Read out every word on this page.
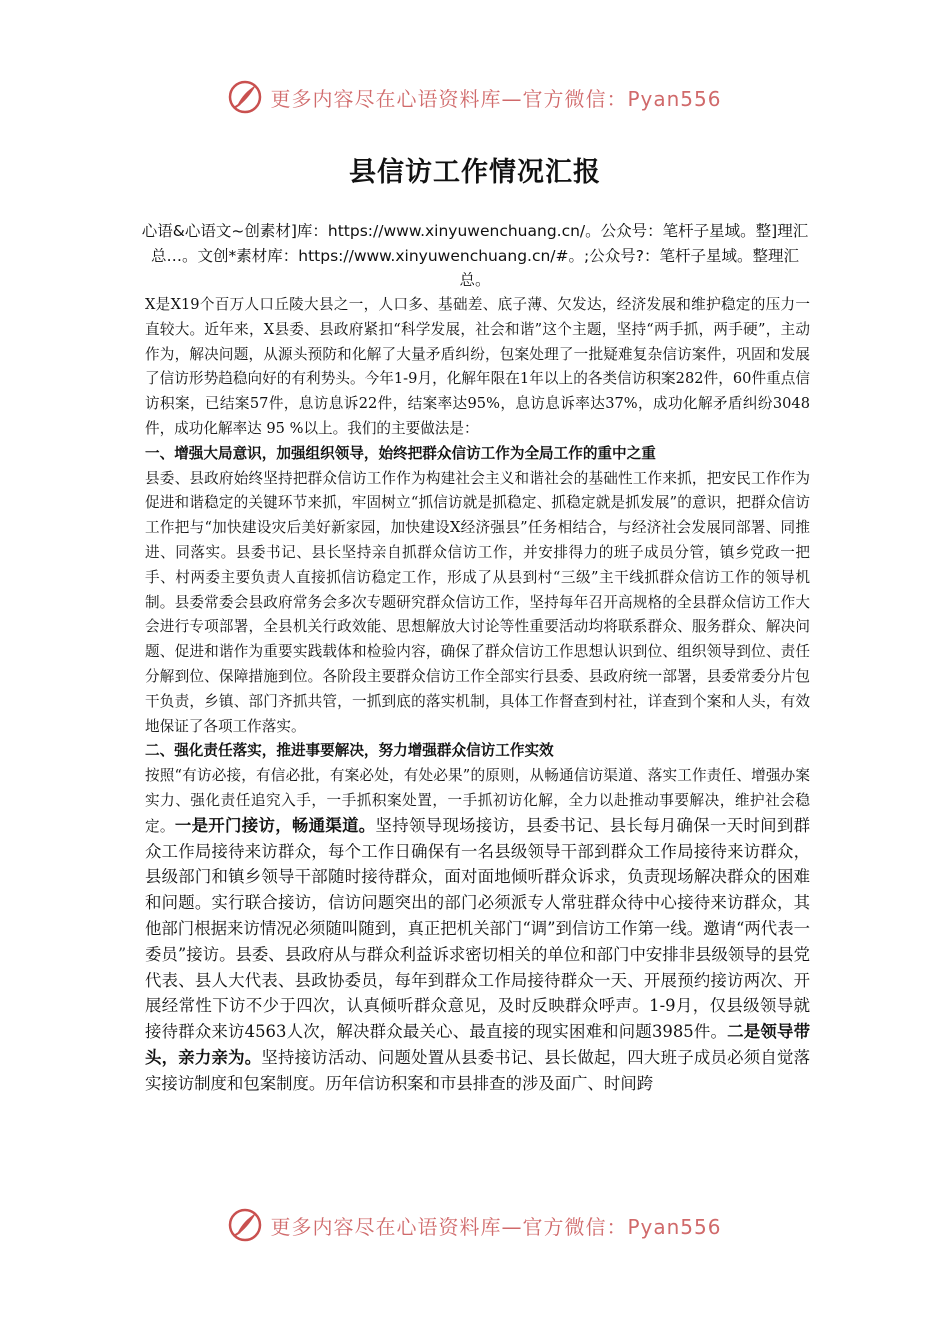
更多内容尽在心语资料库—官方微信：Pyan556
县信访工作情况汇报
心语&心语文~创素材]库：https://www.xinyuwenchuang.cn/。公众号：笔杆子星域。整]理汇总…。文创*素材库：https://www.xinyuwenchuang.cn/#。;公众号?：笔杆子星域。整理汇总。

X是X19个百万人口丘陵大县之一，人口多、基础差、底子薄、欠发达，经济发展和维护稳定的压力一直较大。近年来，X县委、县政府紧扣“科学发展，社会和谐”这个主题，坚持“两手抓，两手硬”，主动作为，解决问题，从源头预防和化解了大量矛盾纠纷，包案处理了一批疑难复杂信访案件，巩固和发展了信访形势趋稳向好的有利势头。今年1-9月，化解年限在1年以上的各类信访积案282件，60件重点信访积案，已结案57件，息访息诉22件，结案率达95%，息访息诉率达37%，成功化解矛盾纠纷3048件，成功化解率达 95 %以上。我们的主要做法是：

一、增强大局意识，加强组织领导，始终把群众信访工作为全局工作的重中之重

县委、县政府始终坚持把群众信访工作作为构建社会主义和谐社会的基础性工作来抓，把安民工作作为促进和谐稳定的关键环节来抓，牢固树立“抓信访就是抓稳定、抓稳定就是抓发展”的意识，把群众信访工作把与“加快建设灾后美好新家园，加快建设X经济强县”任务相结合，与经济社会发展同部署、同推进、同落实。县委书记、县长坚持亲自抓群众信访工作，并安排得力的班子成员分管，镇乡党政一把手、村两委主要负责人直接抓信访稳定工作，形成了从县到村“三级”主干线抓群众信访工作的领导机制。县委常委会县政府常务会多次专题研究群众信访工作，坚持每年召开高规格的全县群众信访工作大会进行专项部署，全县机关行政效能、思想解放大讨论等性重要活动均将联系群众、服务群众、解决问题、促进和谐作为重要实践载体和检验内容，确保了群众信访工作思想认识到位、组织领导到位、责任分解到位、保障措施到位。各阶段主要群众信访工作全部实行县委、县政府统一部署，县委常委分片包干负责，乡镇、部门齐抓共管，一抓到底的落实机制，具体工作督查到村社，详查到个案和人头，有效地保证了各项工作落实。

二、强化责任落实，推进事要解决，努力增强群众信访工作实效

按照“有访必接，有信必批，有案必处，有处必果”的原则，从畅通信访渠道、落实工作责任、增强办案实力、强化责任追究入手，一手抓积案处置，一手抓初访化解，全力以赴推动事要解决，维护社会稳定。一是开门接访，畅通渠道。坚持领导现场接访，县委书记、县长每月确保一天时间到群众工作局接待来访群众，每个工作日确保有一名县级领导干部到群众工作局接待来访群众，县级部门和镇乡领导干部随时接待群众，面对面地倾听群众诉求，负责现场解决群众的困难和问题。实行联合接访，信访问题突出的部门必须派专人常驻群众待中心接待来访群众，其他部门根据来访情况必须随叫随到，真正把机关部门“调”到信访工作第一线。邀请“两代表一委员”接访。县委、县政府从与群众利益诉求密切相关的单位和部门中安排非县级领导的县党代表、县人大代表、县政协委员，每年到群众工作局接待群众一天、开展预约接访两次、开展经常性下访不少于四次，认真倾听群众意见，及时反映群众呼声。1-9月，仅县级领导就接待群众来访4563人次，解决群众最关心、最直接的现实困难和问题3985件。二是领导带头，亲力亲为。坚持接访活动、问题处置从县委书记、县长做起，四大班子成员必须自觉落实接访制度和包案制度。历年信访积案和市县排查的涉及面广、时间跨

更多内容尽在心语资料库—官方微信：Pyan556
